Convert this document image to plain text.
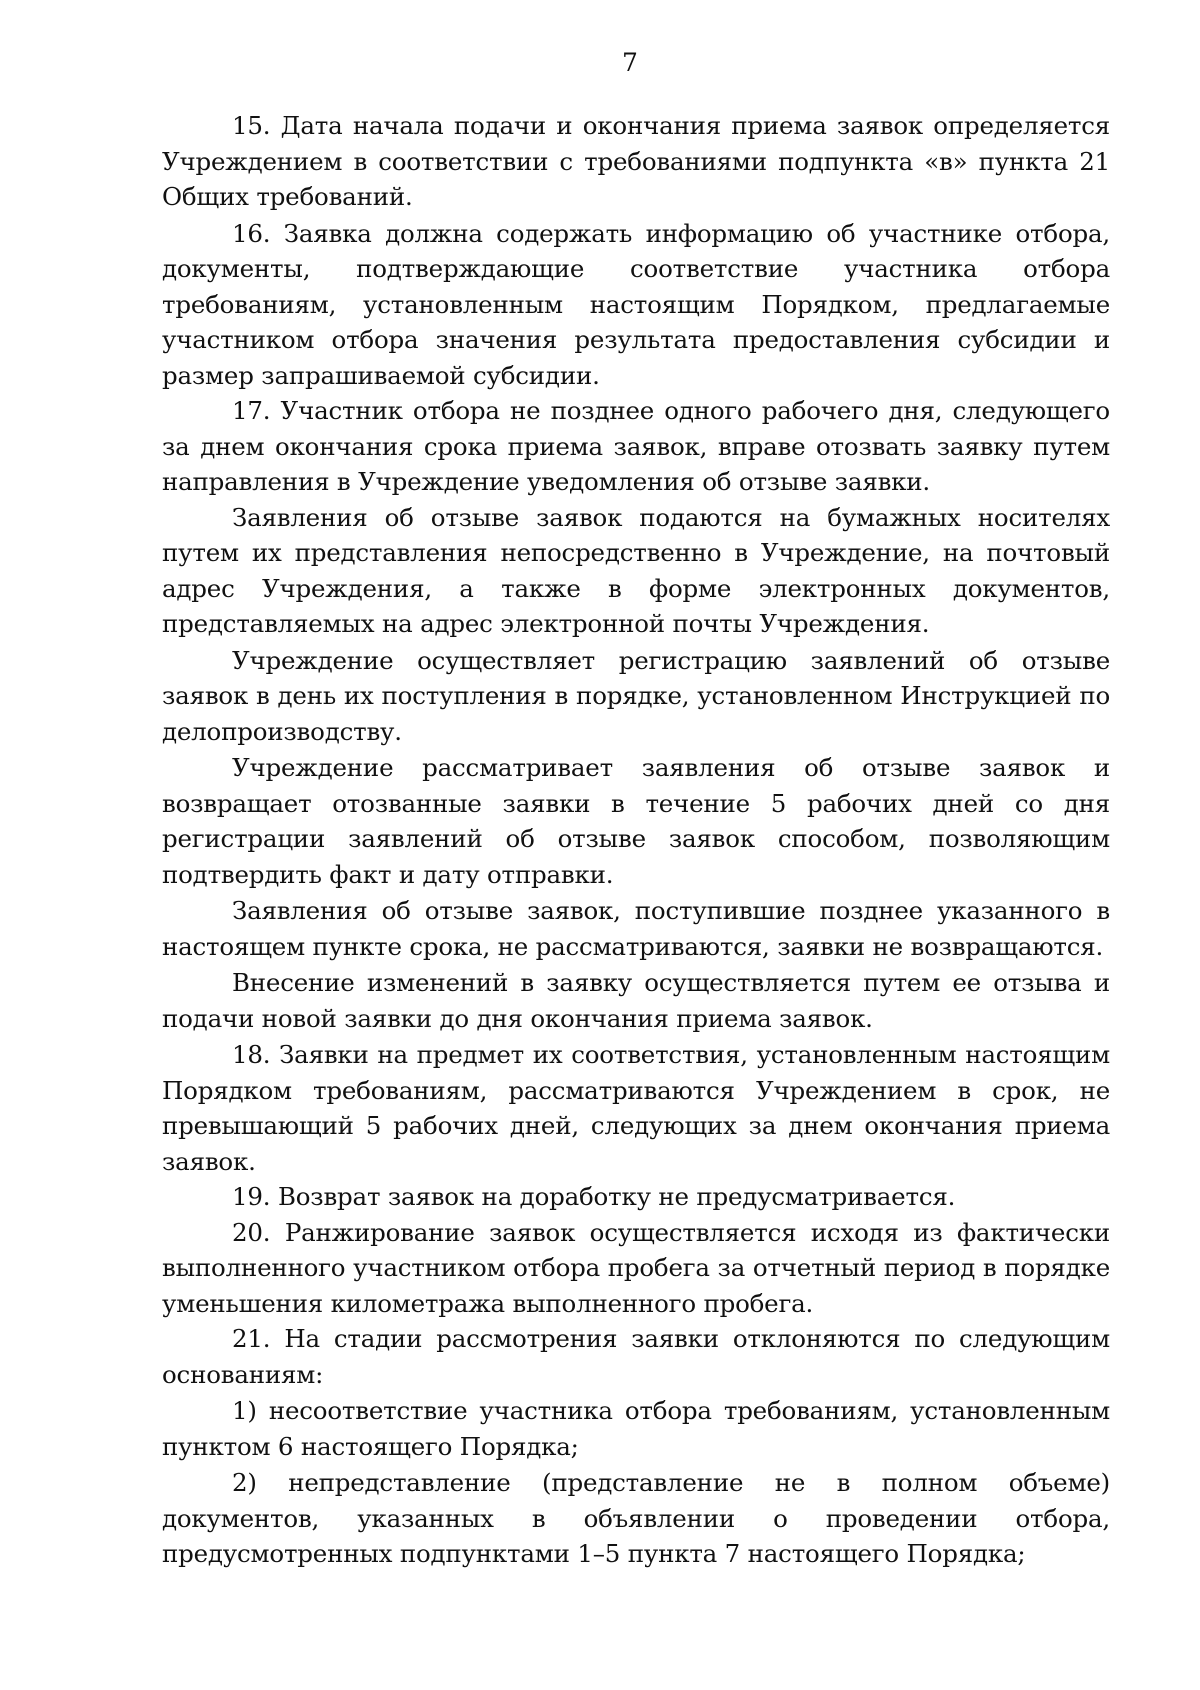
7

15. Дата начала подачи и окончания приема заявок определяется Учреждением в соответствии с требованиями подпункта «в» пункта 21 Общих требований.

16. Заявка должна содержать информацию об участнике отбора, документы, подтверждающие соответствие участника отбора требованиям, установленным настоящим Порядком, предлагаемые участником отбора значения результата предоставления субсидии и размер запрашиваемой субсидии.

17. Участник отбора не позднее одного рабочего дня, следующего за днем окончания срока приема заявок, вправе отозвать заявку путем направления в Учреждение уведомления об отзыве заявки.

Заявления об отзыве заявок подаются на бумажных носителях путем их представления непосредственно в Учреждение, на почтовый адрес Учреждения, а также в форме электронных документов, представляемых на адрес электронной почты Учреждения.

Учреждение осуществляет регистрацию заявлений об отзыве заявок в день их поступления в порядке, установленном Инструкцией по делопроизводству.

Учреждение рассматривает заявления об отзыве заявок и возвращает отозванные заявки в течение 5 рабочих дней со дня регистрации заявлений об отзыве заявок способом, позволяющим подтвердить факт и дату отправки.

Заявления об отзыве заявок, поступившие позднее указанного в настоящем пункте срока, не рассматриваются, заявки не возвращаются.

Внесение изменений в заявку осуществляется путем ее отзыва и подачи новой заявки до дня окончания приема заявок.

18. Заявки на предмет их соответствия, установленным настоящим Порядком требованиям, рассматриваются Учреждением в срок, не превышающий 5 рабочих дней, следующих за днем окончания приема заявок.

19. Возврат заявок на доработку не предусматривается.

20. Ранжирование заявок осуществляется исходя из фактически выполненного участником отбора пробега за отчетный период в порядке уменьшения километража выполненного пробега.

21. На стадии рассмотрения заявки отклоняются по следующим основаниям:

1) несоответствие участника отбора требованиям, установленным пунктом 6 настоящего Порядка;

2) непредставление (представление не в полном объеме) документов, указанных в объявлении о проведении отбора, предусмотренных подпунктами 1–5 пункта 7 настоящего Порядка;
